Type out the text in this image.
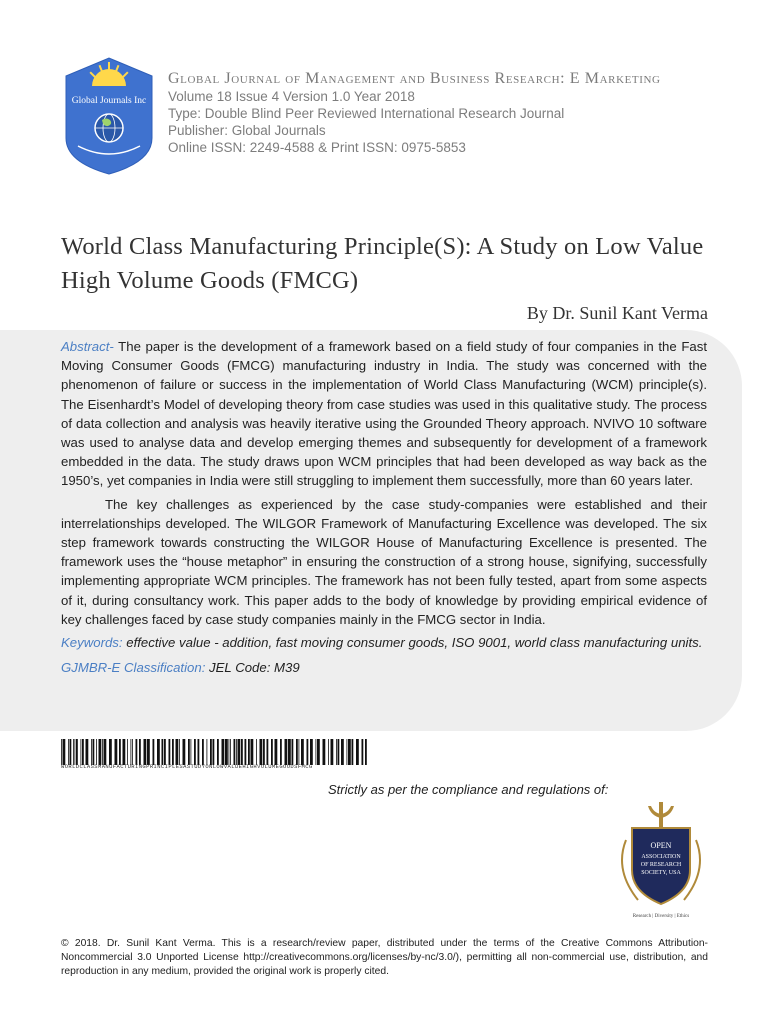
Global Journals Inc
Global Journal of Management and Business Research: E Marketing
Volume 18 Issue 4 Version 1.0 Year 2018
Type: Double Blind Peer Reviewed International Research Journal
Publisher: Global Journals
Online ISSN: 2249-4588 & Print ISSN: 0975-5853
World Class Manufacturing Principle(S): A Study on Low Value High Volume Goods (FMCG)
By Dr. Sunil Kant Verma

Abstract- The paper is the development of a framework based on a field study of four companies in the Fast Moving Consumer Goods (FMCG) manufacturing industry in India. The study was concerned with the phenomenon of failure or success in the implementation of World Class Manufacturing (WCM) principle(s). The Eisenhardt’s Model of developing theory from case studies was used in this qualitative study. The process of data collection and analysis was heavily iterative using the Grounded Theory approach. NVIVO 10 software was used to analyse data and develop emerging themes and subsequently for development of a framework embedded in the data. The study draws upon WCM principles that had been developed as way back as the 1950’s, yet companies in India were still struggling to implement them successfully, more than 60 years later.

The key challenges as experienced by the case study-companies were established and their interrelationships developed. The WILGOR Framework of Manufacturing Excellence was developed. The six step framework towards constructing the WILGOR House of Manufacturing Excellence is presented. The framework uses the “house metaphor” in ensuring the construction of a strong house, signifying, successfully implementing appropriate WCM principles. The framework has not been fully tested, apart from some aspects of it, during consultancy work. This paper adds to the body of knowledge by providing empirical evidence of key challenges faced by case study companies mainly in the FMCG sector in India.

Keywords: effective value - addition, fast moving consumer goods, ISO 9001, world class manufacturing units.

GJMBR-E Classification: JEL Code: M39

WORLDCLASSMANUFACTURINGPRINCIPLESASTUDYONLOWVALUEHIGHVOLUMEGOODSFMCG
Strictly as per the compliance and regulations of:
OPEN
ASSOCIATION
OF RESEARCH
SOCIETY, USA
Research | Diversity | Ethics
© 2018. Dr. Sunil Kant Verma. This is a research/review paper, distributed under the terms of the Creative Commons Attribution-Noncommercial 3.0 Unported License http://creativecommons.org/licenses/by-nc/3.0/), permitting all non-commercial use, distribution, and reproduction in any medium, provided the original work is properly cited.
